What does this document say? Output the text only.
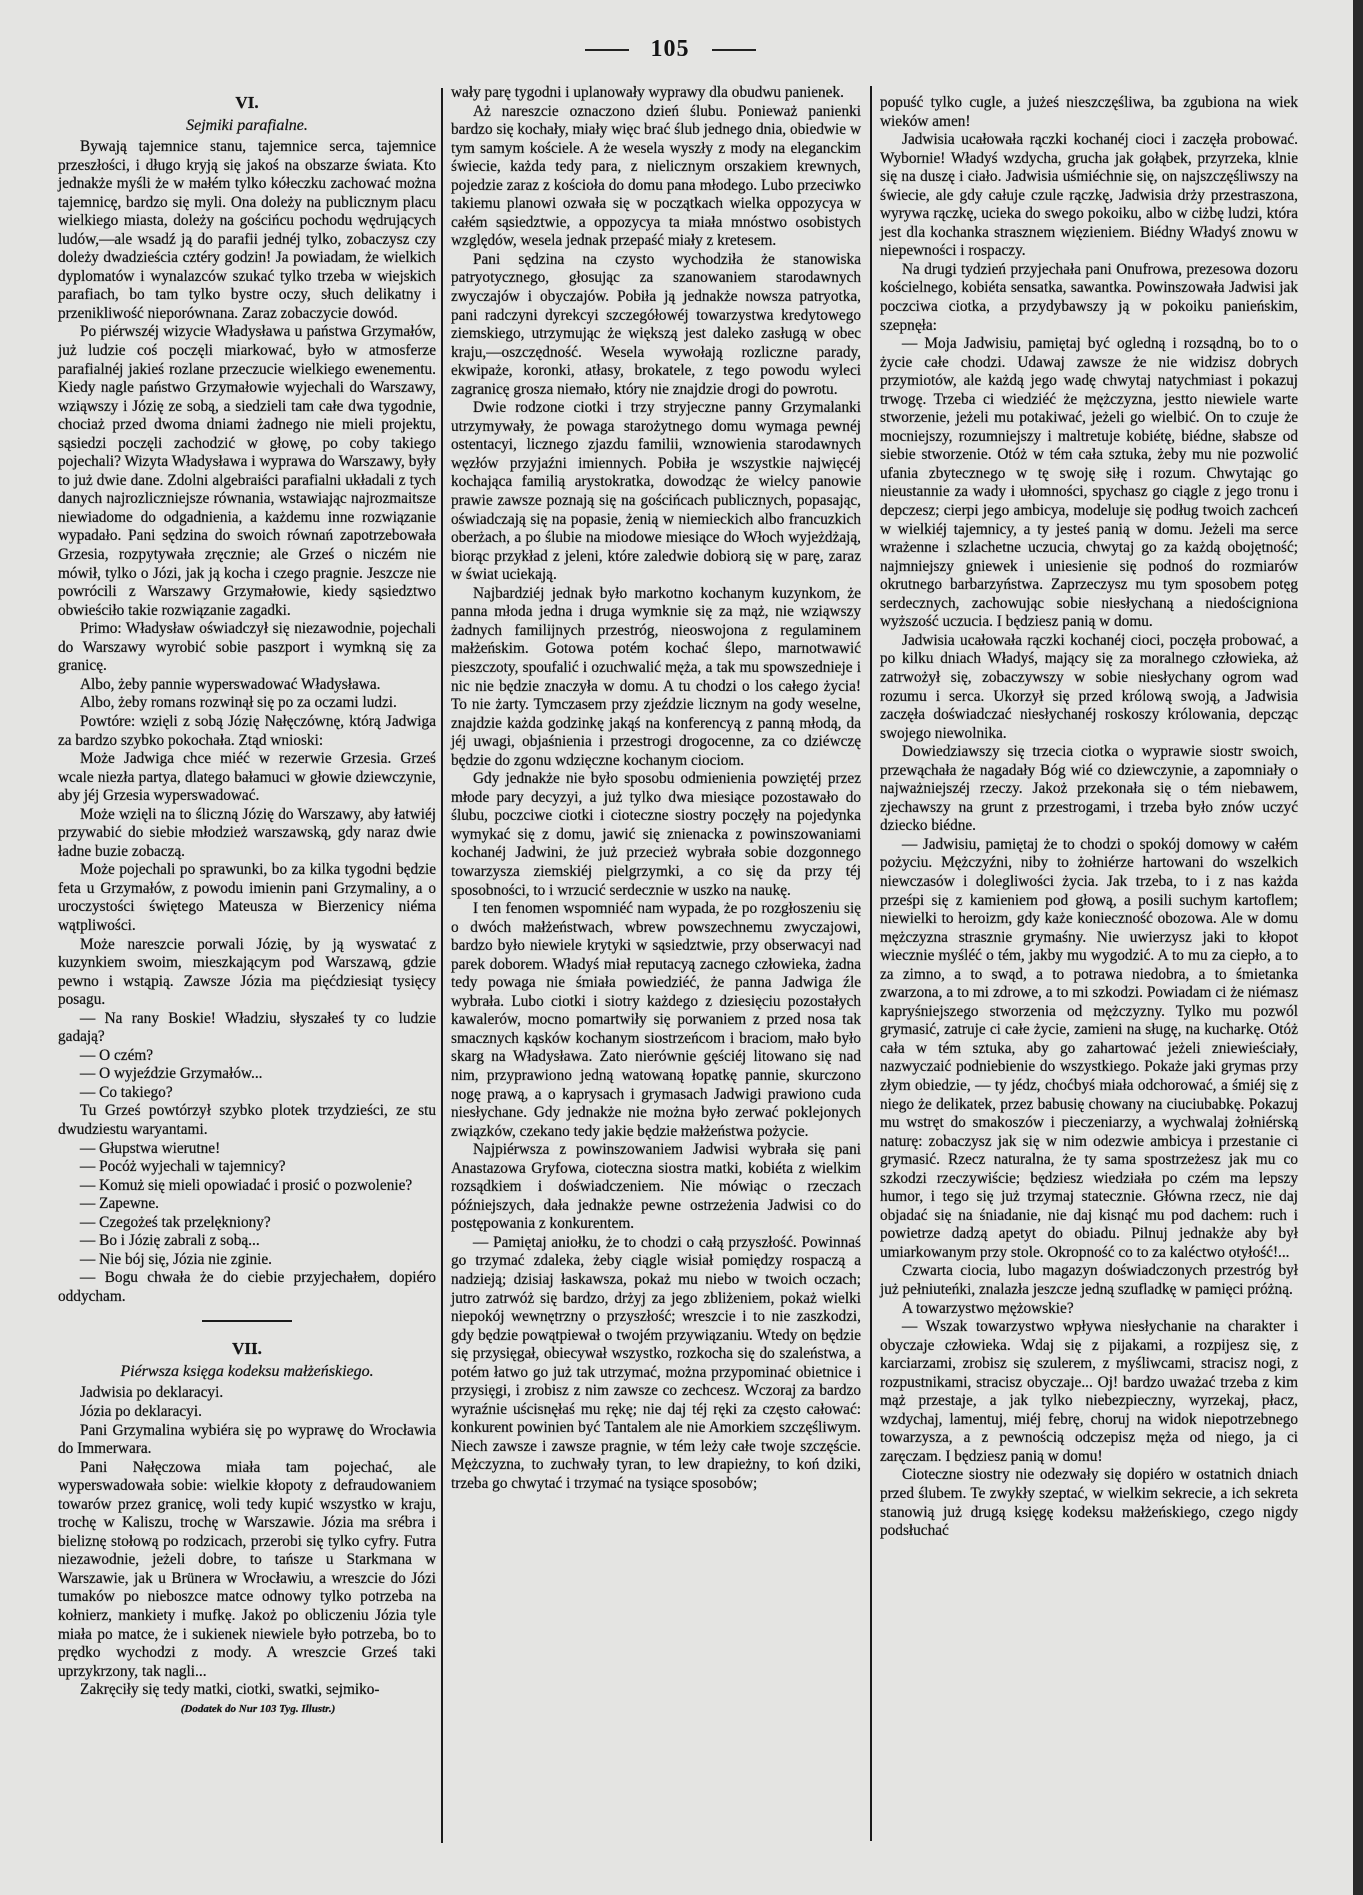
105
VI.
Sejmiki parafialne.

Bywają tajemnice stanu, tajemnice serca, tajemnice przeszłości, i długo kryją się jakoś na obszarze świata. Kto jednakże myśli że w małém tylko kółeczku zachować można tajemnicę, bardzo się myli. Ona doleży na publicznym placu wielkiego miasta, doleży na gościńcu pochodu wędrujących ludów,—ale wsadź ją do parafii jednéj tylko, zobaczysz czy doleży dwadzieścia cztéry godzin! Ja powiadam, że wielkich dyplomatów i wynalazców szukać tylko trzeba w wiejskich parafiach, bo tam tylko bystre oczy, słuch delikatny i przenikliwość nieporównana. Zaraz zobaczycie dowód.

Po piérwszéj wizycie Władysława u państwa Grzymałów, już ludzie coś poczęli miarkować, było w atmosferze parafialnéj jakieś rozlane przeczucie wielkiego ewenementu. Kiedy nagle państwo Grzymałowie wyjechali do Warszawy, wziąwszy i Józię ze sobą, a siedzieli tam całe dwa tygodnie, chociaż przed dwoma dniami żadnego nie mieli projektu, sąsiedzi poczęli zachodzić w głowę, po coby takiego pojechali? Wizyta Władysława i wyprawa do Warszawy, były to już dwie dane. Zdolni algebraiści parafialni układali z tych danych najrozliczniejsze równania, wstawiając najrozmaitsze niewiadome do odgadnienia, a każdemu inne rozwiązanie wypadało. Pani sędzina do swoich równań zapotrzebowała Grzesia, rozpytywała zręcznie; ale Grześ o niczém nie mówił, tylko o Józi, jak ją kocha i czego pragnie. Jeszcze nie powrócili z Warszawy Grzymałowie, kiedy sąsiedztwo obwieściło takie rozwiązanie zagadki.

Primo: Władysław oświadczył się niezawodnie, pojechali do Warszawy wyrobić sobie paszport i wymkną się za granicę.

Albo, żeby pannie wyperswadować Władysława.

Albo, żeby romans rozwinął się po za oczami ludzi.

Powtóre: wzięli z sobą Józię Nałęczównę, którą Jadwiga za bardzo szybko pokochała. Ztąd wnioski:

Może Jadwiga chce miéć w rezerwie Grzesia. Grześ wcale niezła partya, dlatego bałamuci w głowie dziewczynie, aby jéj Grzesia wyperswadować.

Może wzięli na to śliczną Józię do Warszawy, aby łatwiéj przywabić do siebie młodzież warszawską, gdy naraz dwie ładne buzie zobaczą.

Może pojechali po sprawunki, bo za kilka tygodni będzie feta u Grzymałów, z powodu imienin pani Grzymaliny, a o uroczystości świętego Mateusza w Bierzenicy niéma wątpliwości.

Może nareszcie porwali Józię, by ją wyswatać z kuzynkiem swoim, mieszkającym pod Warszawą, gdzie pewno i wstąpią. Zawsze Józia ma pięćdziesiąt tysięcy posagu.

— Na rany Boskie! Władziu, słyszałeś ty co ludzie gadają?

— O czém?

— O wyjeździe Grzymałów...

— Co takiego?

Tu Grześ powtórzył szybko plotek trzydzieści, ze stu dwudziestu waryantami.

— Głupstwa wierutne!

— Pocóż wyjechali w tajemnicy?

— Komuż się mieli opowiadać i prosić o pozwolenie?

— Zapewne.

— Czegożeś tak przelękniony?

— Bo i Józię zabrali z sobą...

— Nie bój się, Józia nie zginie.

— Bogu chwała że do ciebie przyjechałem, dopiéro oddycham.

VII.
Piérwsza księga kodeksu małżeńskiego.

Jadwisia po deklaracyi.

Józia po deklaracyi.

Pani Grzymalina wybiéra się po wyprawę do Wrocławia do Immerwara.

Pani Nałęczowa miała tam pojechać, ale wyperswadowała sobie: wielkie kłopoty z defraudowaniem towarów przez granicę, woli tedy kupić wszystko w kraju, trochę w Kaliszu, trochę w Warszawie. Józia ma srébra i bieliznę stołową po rodzicach, przerobi się tylko cyfry. Futra niezawodnie, jeżeli dobre, to tańsze u Starkmana w Warszawie, jak u Brünera w Wrocławiu, a wreszcie do Józi tumaków po nieboszce matce odnowy tylko potrzeba na kołnierz, mankiety i mufkę. Jakoż po obliczeniu Józia tyle miała po matce, że i sukienek niewiele było potrzeba, bo to prędko wychodzi z mody. A wreszcie Grześ taki uprzykrzony, tak nagli...

Zakręciły się tedy matki, ciotki, swatki, sejmiko-

(Dodatek do Nur 103 Tyg. Illustr.)

wały parę tygodni i uplanowały wyprawy dla obudwu panienek.

Aż nareszcie oznaczono dzień ślubu. Ponieważ panienki bardzo się kochały, miały więc brać ślub jednego dnia, obiedwie w tym samym kościele. A że wesela wyszły z mody na eleganckim świecie, każda tedy para, z nielicznym orszakiem krewnych, pojedzie zaraz z kościoła do domu pana młodego. Lubo przeciwko takiemu planowi ozwała się w początkach wielka oppozycya w całém sąsiedztwie, a oppozycya ta miała mnóstwo osobistych względów, wesela jednak przepaść miały z kretesem.

Pani sędzina na czysto wychodziła że stanowiska patryotycznego, głosując za szanowaniem starodawnych zwyczajów i obyczajów. Pobiła ją jednakże nowsza patryotka, pani radczyni dyrekcyi szczegółowéj towarzystwa kredytowego ziemskiego, utrzymując że większą jest daleko zasługą w obec kraju,—oszczędność. Wesela wywołają rozliczne parady, ekwipaże, koronki, atłasy, brokatele, z tego powodu wyleci zagranicę grosza niemało, który nie znajdzie drogi do powrotu.

Dwie rodzone ciotki i trzy stryjeczne panny Grzymalanki utrzymywały, że powaga starożytnego domu wymaga pewnéj ostentacyi, licznego zjazdu familii, wznowienia starodawnych węzłów przyjaźni imiennych. Pobiła je wszystkie najwięcéj kochająca familią arystokratka, dowodząc że wielcy panowie prawie zawsze poznają się na gościńcach publicznych, popasając, oświadczają się na popasie, żenią w niemieckich albo francuzkich oberżach, a po ślubie na miodowe miesiące do Włoch wyjeżdżają, biorąc przykład z jeleni, które zaledwie dobiorą się w parę, zaraz w świat uciekają.

Najbardziéj jednak było markotno kochanym kuzynkom, że panna młoda jedna i druga wymknie się za mąż, nie wziąwszy żadnych familijnych przestróg, nieoswojona z regulaminem małżeńskim. Gotowa potém kochać ślepo, marnotwawić pieszczoty, spoufalić i ozuchwalić męża, a tak mu spowszednieje i nic nie będzie znaczyła w domu. A tu chodzi o los całego życia! To nie żarty. Tymczasem przy zjeździe licznym na gody weselne, znajdzie każda godzinkę jakąś na konferencyą z panną młodą, da jéj uwagi, objaśnienia i przestrogi drogocenne, za co dziéwczę będzie do zgonu wdzięczne kochanym ciociom.

Gdy jednakże nie było sposobu odmienienia powziętéj przez młode pary decyzyi, a już tylko dwa miesiące pozostawało do ślubu, poczciwe ciotki i cioteczne siostry poczęły na pojedynka wymykać się z domu, jawić się znienacka z powinszowaniami kochanéj Jadwini, że już przecież wybrała sobie dozgonnego towarzysza ziemskiéj pielgrzymki, a co się da przy téj sposobności, to i wrzucić serdecznie w uszko na naukę.

I ten fenomen wspomniéć nam wypada, że po rozgłoszeniu się o dwóch małżeństwach, wbrew powszechnemu zwyczajowi, bardzo było niewiele krytyki w sąsiedztwie, przy obserwacyi nad parek doborem. Władyś miał reputacyą zacnego człowieka, żadna tedy powaga nie śmiała powiedziéć, że panna Jadwiga źle wybrała. Lubo ciotki i siotry każdego z dziesięciu pozostałych kawalerów, mocno pomartwiły się porwaniem z przed nosa tak smacznych kąsków kochanym siostrzeńcom i braciom, mało było skarg na Władysława. Zato nierównie gęściéj litowano się nad nim, przyprawiono jedną watowaną łopatkę pannie, skurczono nogę prawą, a o kaprysach i grymasach Jadwigi prawiono cuda niesłychane. Gdy jednakże nie można było zerwać poklejonych związków, czekano tedy jakie będzie małżeństwa pożycie.

Najpiérwsza z powinszowaniem Jadwisi wybrała się pani Anastazowa Gryfowa, cioteczna siostra matki, kobiéta z wielkim rozsądkiem i doświadczeniem. Nie mówiąc o rzeczach późniejszych, dała jednakże pewne ostrzeżenia Jadwisi co do postępowania z konkurentem.

— Pamiętaj aniołku, że to chodzi o całą przyszłość. Powinnaś go trzymać zdaleka, żeby ciągle wisiał pomiędzy rospaczą a nadzieją; dzisiaj łaskawsza, pokaż mu niebo w twoich oczach; jutro zatrwóż się bardzo, drżyj za jego zbliżeniem, pokaż wielki niepokój wewnętrzny o przyszłość; wreszcie i to nie zaszkodzi, gdy będzie powątpiewał o twojém przywiązaniu. Wtedy on będzie się przysięgał, obiecywał wszystko, rozkocha się do szaleństwa, a potém łatwo go już tak utrzymać, można przypominać obietnice i przysięgi, i zrobisz z nim zawsze co zechcesz. Wczoraj za bardzo wyraźnie uścisnęłaś mu rękę; nie daj téj ręki za często całować: konkurent powinien być Tantalem ale nie Amorkiem szczęśliwym. Niech zawsze i zawsze pragnie, w tém leży całe twoje szczęście. Mężczyzna, to zuchwały tyran, to lew drapieżny, to koń dziki, trzeba go chwytać i trzymać na tysiące sposobów;

popuść tylko cugle, a jużeś nieszczęśliwa, ba zgubiona na wiek wieków amen!

Jadwisia ucałowała rączki kochanéj cioci i zaczęła probować. Wybornie! Władyś wzdycha, grucha jak gołąbek, przyrzeka, klnie się na duszę i ciało. Jadwisia uśmiéchnie się, on najszczęśliwszy na świecie, ale gdy całuje czule rączkę, Jadwisia drży przestraszona, wyrywa rączkę, ucieka do swego pokoiku, albo w ciżbę ludzi, która jest dla kochanka strasznem więzieniem. Biédny Władyś znowu w niepewności i rospaczy.

Na drugi tydzień przyjechała pani Onufrowa, prezesowa dozoru kościelnego, kobiéta sensatka, sawantka. Powinszowała Jadwisi jak poczciwa ciotka, a przydybawszy ją w pokoiku panieńskim, szepnęła:

— Moja Jadwisiu, pamiętaj być ogledną i rozsądną, bo to o życie całe chodzi. Udawaj zawsze że nie widzisz dobrych przymiotów, ale każdą jego wadę chwytaj natychmiast i pokazuj trwogę. Trzeba ci wiedziéć że mężczyzna, jestto niewiele warte stworzenie, jeżeli mu potakiwać, jeżeli go wielbić. On to czuje że mocniejszy, rozumniejszy i maltretuje kobiétę, biédne, słabsze od siebie stworzenie. Otóż w tém cała sztuka, żeby mu nie pozwolić ufania zbytecznego w tę swoję siłę i rozum. Chwytając go nieustannie za wady i ułomności, spychasz go ciągle z jego tronu i depczesz; cierpi jego ambicya, modeluje się podług twoich zachceń w wielkiéj tajemnicy, a ty jesteś panią w domu. Jeżeli ma serce wrażenne i szlachetne uczucia, chwytaj go za każdą obojętność; najmniejszy gniewek i uniesienie się podnoś do rozmiarów okrutnego barbarzyństwa. Zaprzeczysz mu tym sposobem potęg serdecznych, zachowując sobie niesłychaną a niedościgniona wyższość uczucia. I będziesz panią w domu.

Jadwisia ucałowała rączki kochanéj cioci, poczęła probować, a po kilku dniach Władyś, mający się za moralnego człowieka, aż zatrwożył się, zobaczywszy w sobie niesłychany ogrom wad rozumu i serca. Ukorzył się przed królową swoją, a Jadwisia zaczęła doświadczać niesłychanéj roskoszy królowania, depcząc swojego niewolnika.

Dowiedziawszy się trzecia ciotka o wyprawie siostr swoich, przewąchała że nagadały Bóg wié co dziewczynie, a zapomniały o najważniejszéj rzeczy. Jakoż przekonała się o tém niebawem, zjechawszy na grunt z przestrogami, i trzeba było znów uczyć dziecko biédne.

— Jadwisiu, pamiętaj że to chodzi o spokój domowy w całém pożyciu. Mężczyźni, niby to żołniérze hartowani do wszelkich niewczasów i dolegliwości życia. Jak trzeba, to i z nas każda prześpi się z kamieniem pod głową, a posili suchym kartoflem; niewielki to heroizm, gdy każe konieczność obozowa. Ale w domu mężczyzna strasznie grymaśny. Nie uwierzysz jaki to kłopot wiecznie myśléć o tém, jakby mu wygodzić. A to mu za ciepło, a to za zimno, a to swąd, a to potrawa niedobra, a to śmietanka zwarzona, a to mi zdrowe, a to mi szkodzi. Powiadam ci że niémasz kapryśniejszego stworzenia od mężczyzny. Tylko mu pozwól grymasić, zatruje ci całe życie, zamieni na sługę, na kucharkę. Otóż cała w tém sztuka, aby go zahartować jeżeli zniewieściały, nazwyczaić podniebienie do wszystkiego. Pokaże jaki grymas przy złym obiedzie, — ty jédz, choćbyś miała odchorować, a śmiéj się z niego że delikatek, przez babusię chowany na ciuciubabkę. Pokazuj mu wstręt do smakoszów i pieczeniarzy, a wychwalaj żołniérską naturę: zobaczysz jak się w nim odezwie ambicya i przestanie ci grymasić. Rzecz naturalna, że ty sama spostrzeżesz jak mu co szkodzi rzeczywiście; będziesz wiedziała po czém ma lepszy humor, i tego się już trzymaj statecznie. Główna rzecz, nie daj objadać się na śniadanie, nie daj kisnąć mu pod dachem: ruch i powietrze dadzą apetyt do obiadu. Pilnuj jednakże aby był umiarkowanym przy stole. Okropność co to za kaléctwo otyłość!...

Czwarta ciocia, lubo magazyn doświadczonych przestróg był już pełniuteńki, znalazła jeszcze jedną szufladkę w pamięci próżną.

A towarzystwo mężowskie?

— Wszak towarzystwo wpływa niesłychanie na charakter i obyczaje człowieka. Wdaj się z pijakami, a rozpijesz się, z karciarzami, zrobisz się szulerem, z myśliwcami, stracisz nogi, z rozpustnikami, stracisz obyczaje... Oj! bardzo uważać trzeba z kim mąż przestaje, a jak tylko niebezpieczny, wyrzekaj, płacz, wzdychaj, lamentuj, miéj febrę, choruj na widok niepotrzebnego towarzysza, a z pewnością odczepisz męża od niego, ja ci zaręczam. I będziesz panią w domu!

Cioteczne siostry nie odezwały się dopiéro w ostatnich dniach przed ślubem. Te zwykły szeptać, w wielkim sekrecie, a ich sekreta stanowią już drugą księgę kodeksu małżeńskiego, czego nigdy podsłuchać
